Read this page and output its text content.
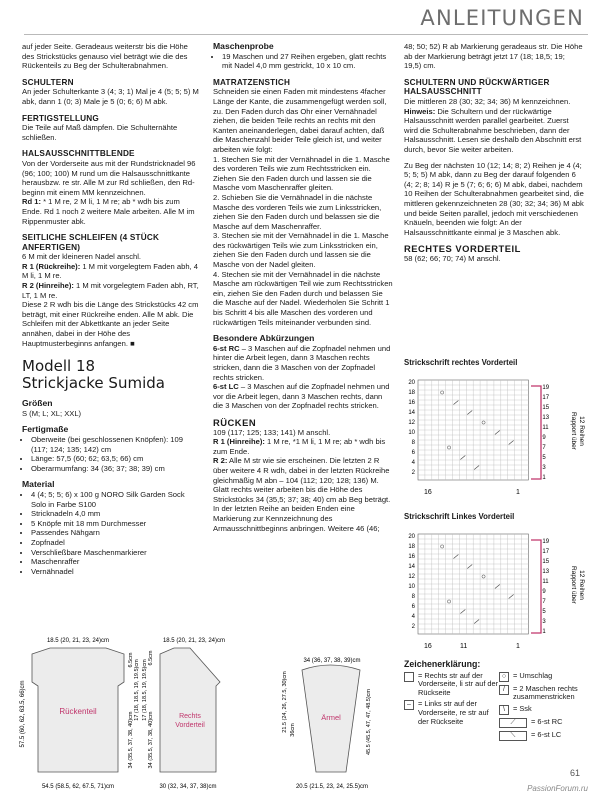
ANLEITUNGEN

auf jeder Seite. Geradeaus weiterstr bis die Höhe des Strickstücks genauso viel beträgt wie die des Rückenteils zu Beg der Schulterabnahmen.

SCHULTERN

An jeder Schulterkante 3 (4; 3; 1) Mal je 4 (5; 5; 5) M abk, dann 1 (0; 3) Male je 5 (0; 6; 6) M abk.

FERTIGSTELLUNG

Die Teile auf Maß dämpfen. Die Schulternähte schließen.

HALSAUSSCHNITTBLENDE

Von der Vorderseite aus mit der Rundstricknadel 96 (96; 100; 100) M rund um die Halsausschnittkante herausbzw. re str. Alle M zur Rd schließen, den Rd-beginn mit einem MM kennzeichnen.

Rd 1: * 1 M re, 2 M li, 1 M re; ab * wdh bis zum Ende. Rd 1 noch 2 weitere Male arbeiten. Alle M im Rippenmuster abk.

SEITLICHE SCHLEIFEN (4 STÜCK ANFERTIGEN)

6 M mit der kleineren Nadel anschl.

R 1 (Rückreihe): 1 M mit vorgelegtem Faden abh, 4 M li, 1 M re.

R 2 (Hinreihe): 1 M mit vorgelegtem Faden abh, RT, LT, 1 M re.

Diese 2 R wdh bis die Länge des Strickstücks 42 cm beträgt, mit einer Rückreihe enden. Alle M abk. Die Schleifen mit der Abkettkante an jeder Seite annähen, dabei in der Höhe des Hauptmusterbeginns anfangen. ■

Modell 18
Strickjacke Sumida
Größen

S (M; L; XL; XXL)

Fertigmaße
• Oberweite (bei geschlossenen Knöpfen): 109 (117; 124; 135; 142) cm
• Länge: 57,5 (60; 62; 63,5; 66) cm
• Oberarmumfang: 34 (36; 37; 38; 39) cm
Material
• 4 (4; 5; 5; 6) x 100 g NORO Silk Garden Sock Solo in Farbe S100
• Stricknadeln 4,0 mm
• 5 Knöpfe mit 18 mm Durchmesser
• Passendes Nähgarn
• Zopfnadel
• Verschließbare Maschenmarkierer
• Maschenraffer
• Vernähnadel
Maschenprobe
• 19 Maschen und 27 Reihen ergeben, glatt rechts mit Nadel 4,0 mm gestrickt, 10 x 10 cm.
MATRATZENSTICH

Schneiden sie einen Faden mit mindestens 4facher Länge der Kante, die zusammengefügt werden soll, zu. Den Faden durch das Ohr einer Vernähnadel ziehen, die beiden Teile rechts an rechts mit den Kanten aneinanderlegen, dabei darauf achten, daß die Maschenzahl beider Teile gleich ist, und weiter arbeiten wie folgt:

1. Stechen Sie mit der Vernähnadel in die 1. Masche des vorderen Teils wie zum Rechtsstricken ein. Ziehen Sie den Faden durch und lassen sie die Masche vom Maschenraffer gleiten.

2. Schieben Sie die Vernähnadel in die nächste Masche des vorderen Teils wie zum Linksstricken, ziehen Sie den Faden durch und belassen sie die Masche auf dem Maschenraffer.

3. Stechen sie mit der Vernähnadel in die 1. Masche des rückwärtigen Teils wie zum Linksstricken ein, ziehen Sie den Faden durch und lassen sie die Masche von der Nadel gleiten.

4. Stechen sie mit der Vernähnadel in die nächste Masche am rückwärtigen Teil wie zum Rechtsstricken ein, ziehen Sie den Faden durch und belassen Sie die Masche auf der Nadel. Wiederholen Sie Schritt 1 bis Schritt 4 bis alle Maschen des vorderen und rückwärtigen Teils miteinander verbunden sind.

Besondere Abkürzungen

6-st RC – 3 Maschen auf die Zopfnadel nehmen und hinter die Arbeit legen, dann 3 Maschen rechts stricken, dann die 3 Maschen von der Zopfnadel rechts stricken.

6-st LC – 3 Maschen auf die Zopfnadel nehmen und vor die Arbeit legen, dann 3 Maschen rechts, dann die 3 Maschen von der Zopfnadel rechts stricken.

RÜCKEN

109 (117; 125; 133; 141) M anschl.

R 1 (Hinreihe): 1 M re, *1 M li, 1 M re; ab * wdh bis zum Ende.

R 2: Alle M str wie sie erscheinen. Die letzten 2 R über weitere 4 R wdh, dabei in der letzten Rückreihe gleichmäßig M abn – 104 (112; 120; 128; 136) M. Glatt rechts weiter arbeiten bis die Höhe des Strickstücks 34 (35,5; 37; 38; 40) cm ab Beg beträgt.

In der letzten Reihe an beiden Enden eine Markierung zur Kennzeichnung des Armausschnittbeginns anbringen. Weitere 46 (46;

48; 50; 52) R ab Markierung geradeaus str. Die Höhe ab der Markierung beträgt jetzt 17 (18; 18,5; 19; 19,5) cm.

SCHULTERN UND RÜCKWÄRTIGER HALSAUSSCHNITT

Die mittleren 28 (30; 32; 34; 36) M kennzeichnen.

Hinweis: Die Schultern und der rückwärtige Halsausschnitt werden parallel gearbeitet. Zuerst wird die Schulterabnahme beschrieben, dann der Halsausschnitt. Lesen sie deshalb den Abschnitt erst durch, bevor Sie weiter arbeiten.

Zu Beg der nächsten 10 (12; 14; 8; 2) Reihen je 4 (4; 5; 5; 5) M abk, dann zu Beg der darauf folgenden 6 (4; 2; 8; 14) R je 5 (7; 6; 6; 6) M abk, dabei, nachdem 10 Reihen der Schulterabnahmen gearbeitet sind, die mittleren gekennzeichneten 28 (30; 32; 34; 36) M abk und beide Seiten parallel, jedoch mit verschiedenen Knäueln, beenden wie folgt: An der Halsausschnittkante einmal je 3 Maschen abk.

RECHTES VORDERTEIL

58 (62; 66; 70; 74) M anschl.

Strickschrift rechtes Vorderteil
20
18
16
14
12
10
8
6
4
2
19
17
15
13
11
9
7
5
3
1
Rapport über 12 Reihen
16	1
Strickschrift Linkes Vorderteil
20
18
16
14
12
10
8
6
4
2
19
17
15
13
11
9
7
5
3
1
Rapport über 12 Reihen
16	11	1
Zeichenerklärung:
= Rechts str auf der Vorderseite, li str auf der Rückseite
– = Links str auf der Vorderseite, re str auf der Rückseite
○ = Umschlag
/	= 2 Maschen rechts zusammenstricken
\	= Ssk
⟋	= 6-st RC
⟍	= 6-st LC
Rückenteil
18.5 (20, 21, 23, 24)cm
54.5 (58.5, 62, 67.5, 71)cm
57.5 (60, 62, 63.5, 66)cm
6.5cm 17 (18, 18.5, 19, 19.5)cm
34 (35.5, 37, 38, 40)cm	Rechts
Vorderteil
18.5 (20, 21, 23, 24)cm
30 (32, 34, 37, 38)cm
6.5cm
17 (18, 18.5, 19, 19.5)cm
34 (35.5, 37, 38, 40)cm	Ärmel
34 (36, 37, 38, 39)cm
20.5 (21.5, 23, 24, 25.5)cm
21.5 (24, 26, 27.5, 30)cm 36cm	45.5 (45.5, 47, 47, 48.5)cm
61
PassionForum.ru
